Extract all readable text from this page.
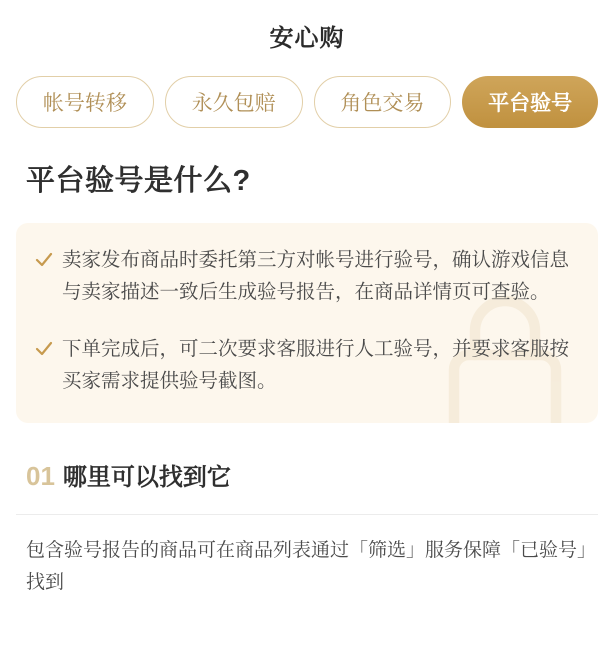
安心购
帐号转移	永久包赔	角色交易	平台验号
平台验号是什么?
卖家发布商品时委托第三方对帐号进行验号，确认游戏信息与卖家描述一致后生成验号报告，在商品详情页可查验。
下单完成后，可二次要求客服进行人工验号，并要求客服按买家需求提供验号截图。
01 哪里可以找到它
包含验号报告的商品可在商品列表通过「筛选」服务保障「已验号」找到
